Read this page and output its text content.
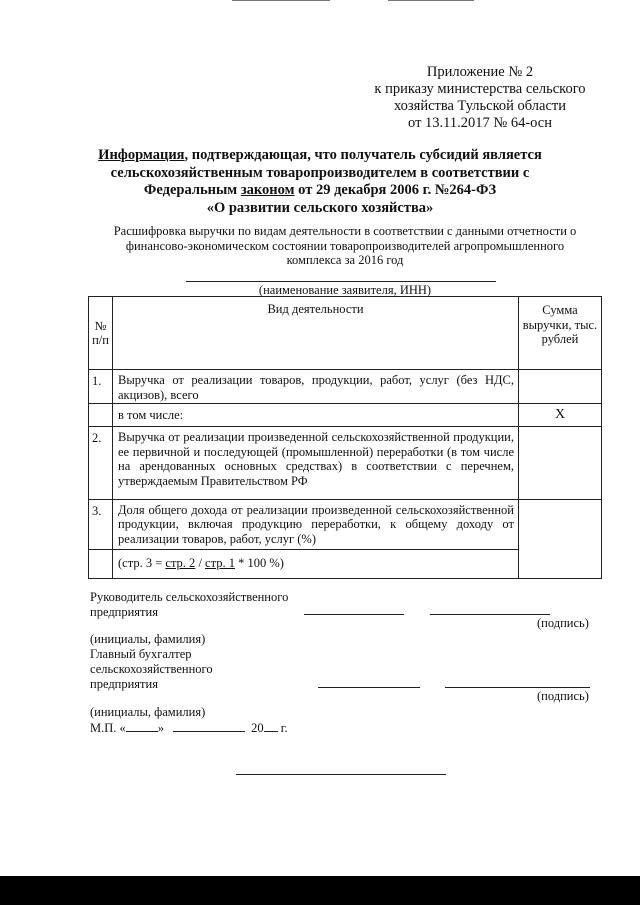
Приложение № 2
к приказу министерства сельского
хозяйства Тульской области
от 13.11.2017 № 64-осн
Информация, подтверждающая, что получатель субсидий является
сельскохозяйственным товаропроизводителем в соответствии с
Федеральным законом от 29 декабря 2006 г. №264-ФЗ
«О развитии сельского хозяйства»
Расшифровка выручки по видам деятельности в соответствии с данными отчетности о
финансово-экономическом состоянии товаропроизводителей агропромышленного
комплекса за 2016 год
(наименование заявителя, ИНН)
№ п/п	Вид деятельности	Сумма выручки, тыс. рублей
1.	Выручка от реализации товаров, продукции, работ, услуг (без НДС, акцизов), всего	
	в том числе:	Х
2.	Выручка от реализации произведенной сельскохозяйственной продукции, ее первичной и последующей (промышленной) переработки (в том числе на арендованных основных средствах) в соответствии с перечнем, утверждаемым Правительством РФ	
3.	Доля общего дохода от реализации произведенной сельскохозяйственной продукции, включая продукцию переработки, к общему доходу от реализации товаров, работ, услуг (%)	
	(стр. 3 = стр. 2 / стр. 1 * 100 %)	
Руководитель сельскохозяйственного
предприятия
(подпись)
(инициалы, фамилия)
Главный бухгалтер
сельскохозяйственного
предприятия
(подпись)
(инициалы, фамилия)
М.П. «	»	20 г.
